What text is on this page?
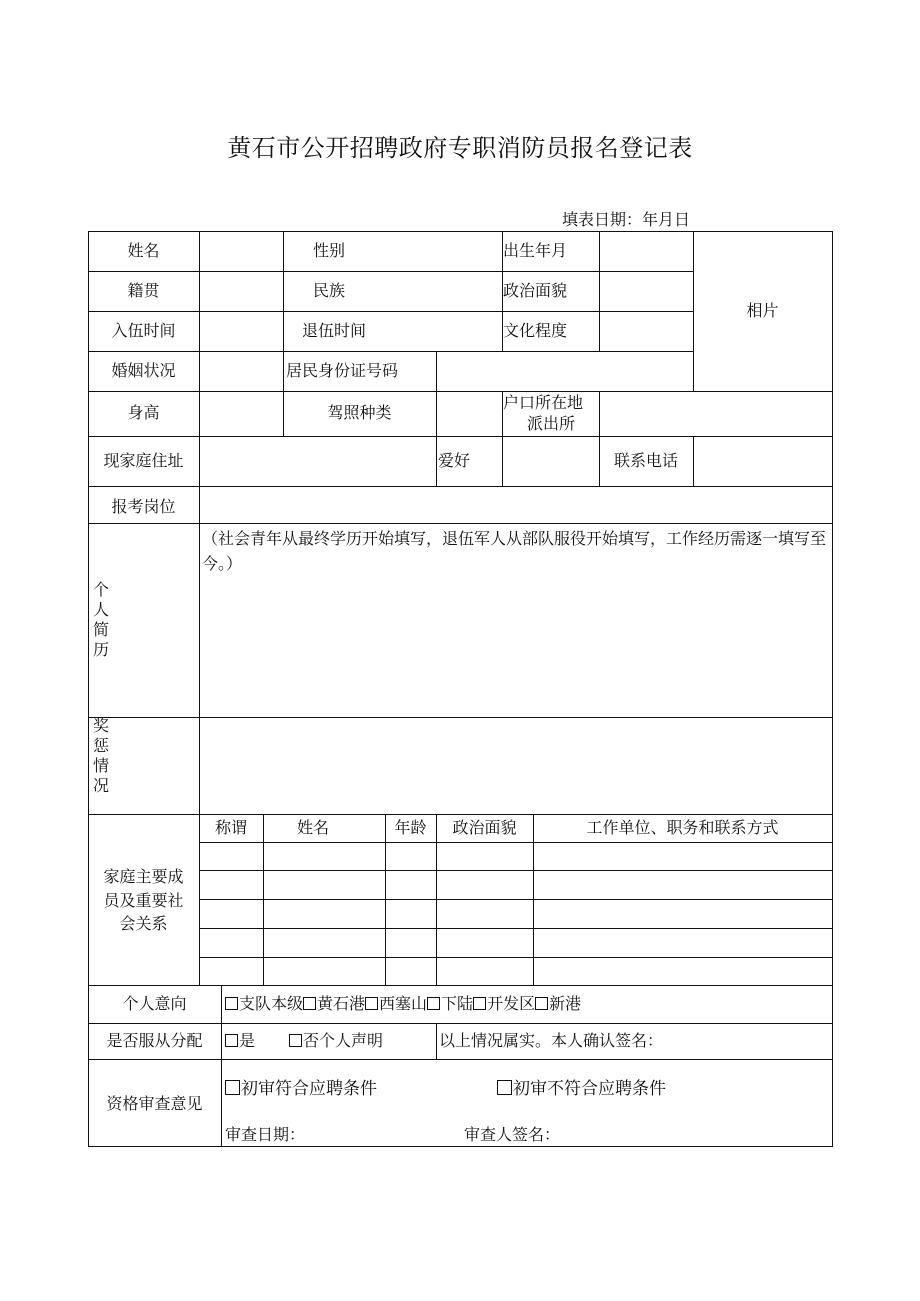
黄石市公开招聘政府专职消防员报名登记表
填表日期：年月日
姓名	性别	出生年月
相片
籍贯	民族	政治面貌
入伍时间	退伍时间	文化程度
婚姻状况	居民身份证号码
身高	驾照种类
户口所在地
派出所
现家庭住址	爱好	联系电话
报考岗位
个人简历
（社会青年从最终学历开始填写，退伍军人从部队服役开始填写，工作经历需逐一填写至今。）
奖惩情况
家庭主要成
员及重要社
会关系
称谓	姓名	年龄	政治面貌	工作单位、职务和联系方式
个人意向	支队本级 黄石港 西塞山 下陆 开发区 新港
是否服从分配	是	否个人声明	以上情况属实。本人确认签名：
资格审查意见
初审符合应聘条件	初审不符合应聘条件
审查日期：	审查人签名：
